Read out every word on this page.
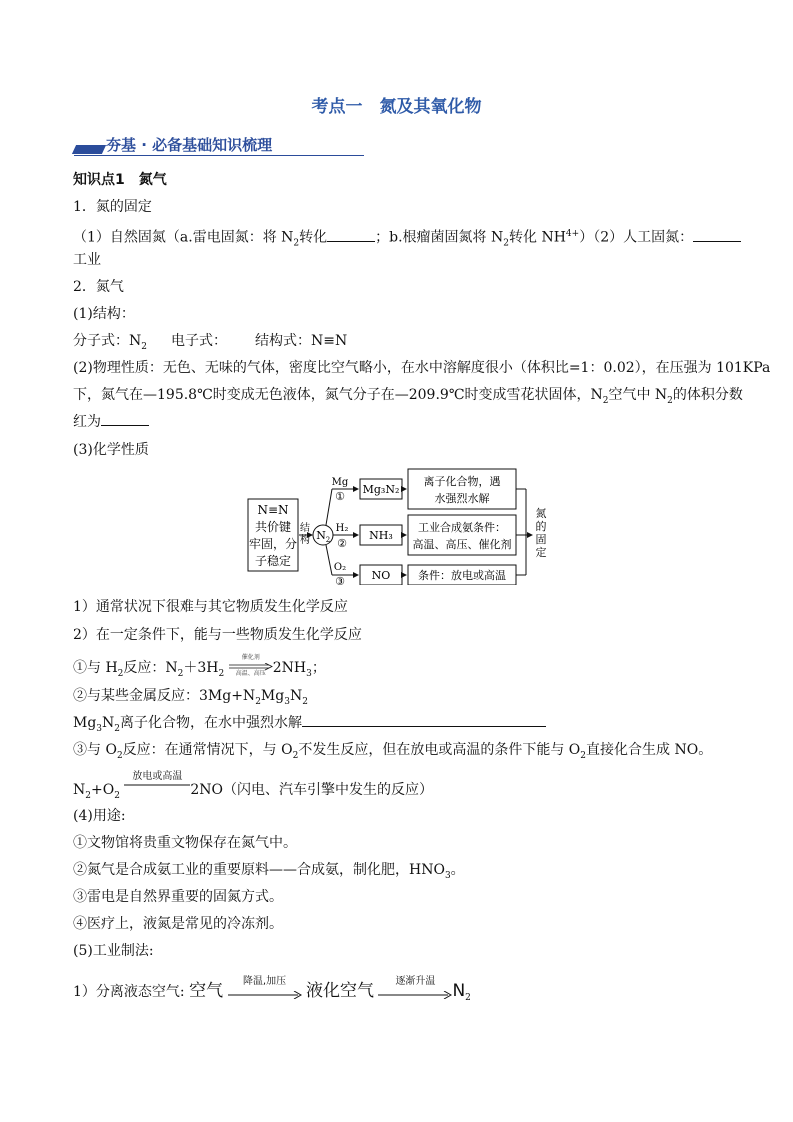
考点一　氮及其氧化物
夯基 · 必备基础知识梳理
知识点1　氮气
1．氮的固定
（1）自然固氮（a.雷电固氮：将 $N_2$转化	；b.根瘤菌固氮将 $N_2$转化 $NH^{4+})(2)$人工固氮：
工业
2．氮气
(1)结构：
分子式：$N_2$ 电子式： 结构式：N≡N
(2)物理性质：无色、无味的气体，密度比空气略小，在水中溶解度很小（体积比=1：0.02），在压强为 101KPa
下，氮气在—195.8℃时变成无色液体，氮气分子在—209.9℃时变成雪花状固体，$N_2$空气中 $N_2$的体积分数
红为
(3)化学性质
N≡N
共价键
牢固，分
子稳定
结
构 N 2
Mg
①
H₂
②
O₂
③
Mg₃N₂
NH₃
NO
离子化合物，遇
水强烈水解
工业合成氨条件：
高温、高压、催化剂
条件：放电或高温
氮
的
固
定
1）通常状况下很难与其它物质发生化学反应
2）在一定条件下，能与一些物质发生化学反应
①与 $H_2$反应：$N_2+3H_2$
催化剂
高温、高压 $2NH_3$；
②与某些金属反应：$3Mg+N_2Mg_3N_2$
$Mg_3N_2$离子化合物，在水中强烈水解
③与 $O_2$反应：在通常情况下，与 $O_2$不发生反应，但在放电或高温的条件下能与 $O_2$直接化合生成 NO。
$N_2+O_2$
放电或高温
2NO（闪电、汽车引擎中发生的反应）
(4)用途:
①文物馆将贵重文物保存在氮气中。
②氮气是合成氨工业的重要原料——合成氨，制化肥，$HNO_3$。
③雷电是自然界重要的固氮方式。
④医疗上，液氮是常见的冷冻剂。
(5)工业制法:
1）分离液态空气: 空气	降温,加压	液化空气	逐渐升温	$N_2$
